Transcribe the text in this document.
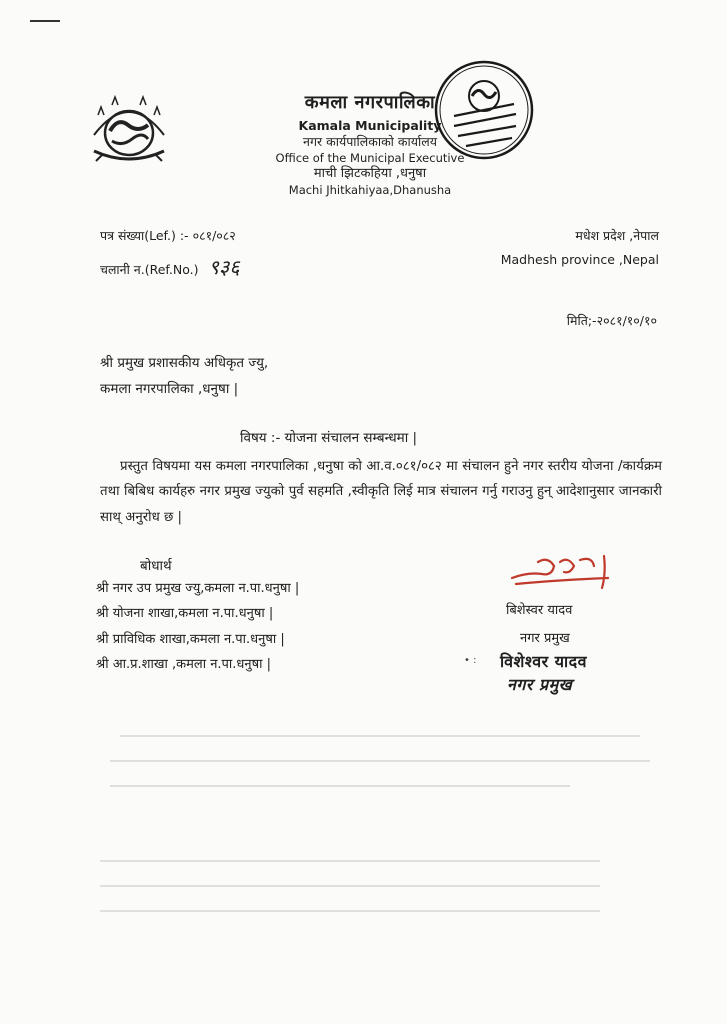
कमला नगरपालिका
Kamala Municipality
नगर कार्यपालिकाको कार्यालय
Office of the Municipal Executive
माची झिटकहिया ,धनुषा
Machi Jhitkahiyaa,Dhanusha
पत्र संख्या(Lef.) :- ०८१/०८२
चलानी न.(Ref.No.) ९३६
मधेश प्रदेश ,नेपाल
Madhesh province ,Nepal
मिति;-२०८१/१०/१०
श्री प्रमुख प्रशासकीय अधिकृत ज्यु,
कमला नगरपालिका ,धनुषा |
विषय :- योजना संचालन सम्बन्धमा |
प्रस्तुत विषयमा यस कमला नगरपालिका ,धनुषा को आ.व.०८१/०८२ मा संचालन हुने नगर स्तरीय योजना /कार्यक्रम तथा बिबिध कार्यहरु नगर प्रमुख ज्युको पुर्व सहमति ,स्वीकृति लिई मात्र संचालन गर्नु गराउनु हुन् आदेशानुसार जानकारी साथ् अनुरोध छ |
बोधार्थ
श्री नगर उप प्रमुख ज्यु,कमला न.पा.धनुषा |
श्री योजना शाखा,कमला न.पा.धनुषा |
श्री प्राविधिक शाखा,कमला न.पा.धनुषा |
श्री आ.प्र.शाखा ,कमला न.पा.धनुषा |
बिशेस्वर यादव
नगर प्रमुख
• : विशेश्वर यादव
नगर प्रमुख
